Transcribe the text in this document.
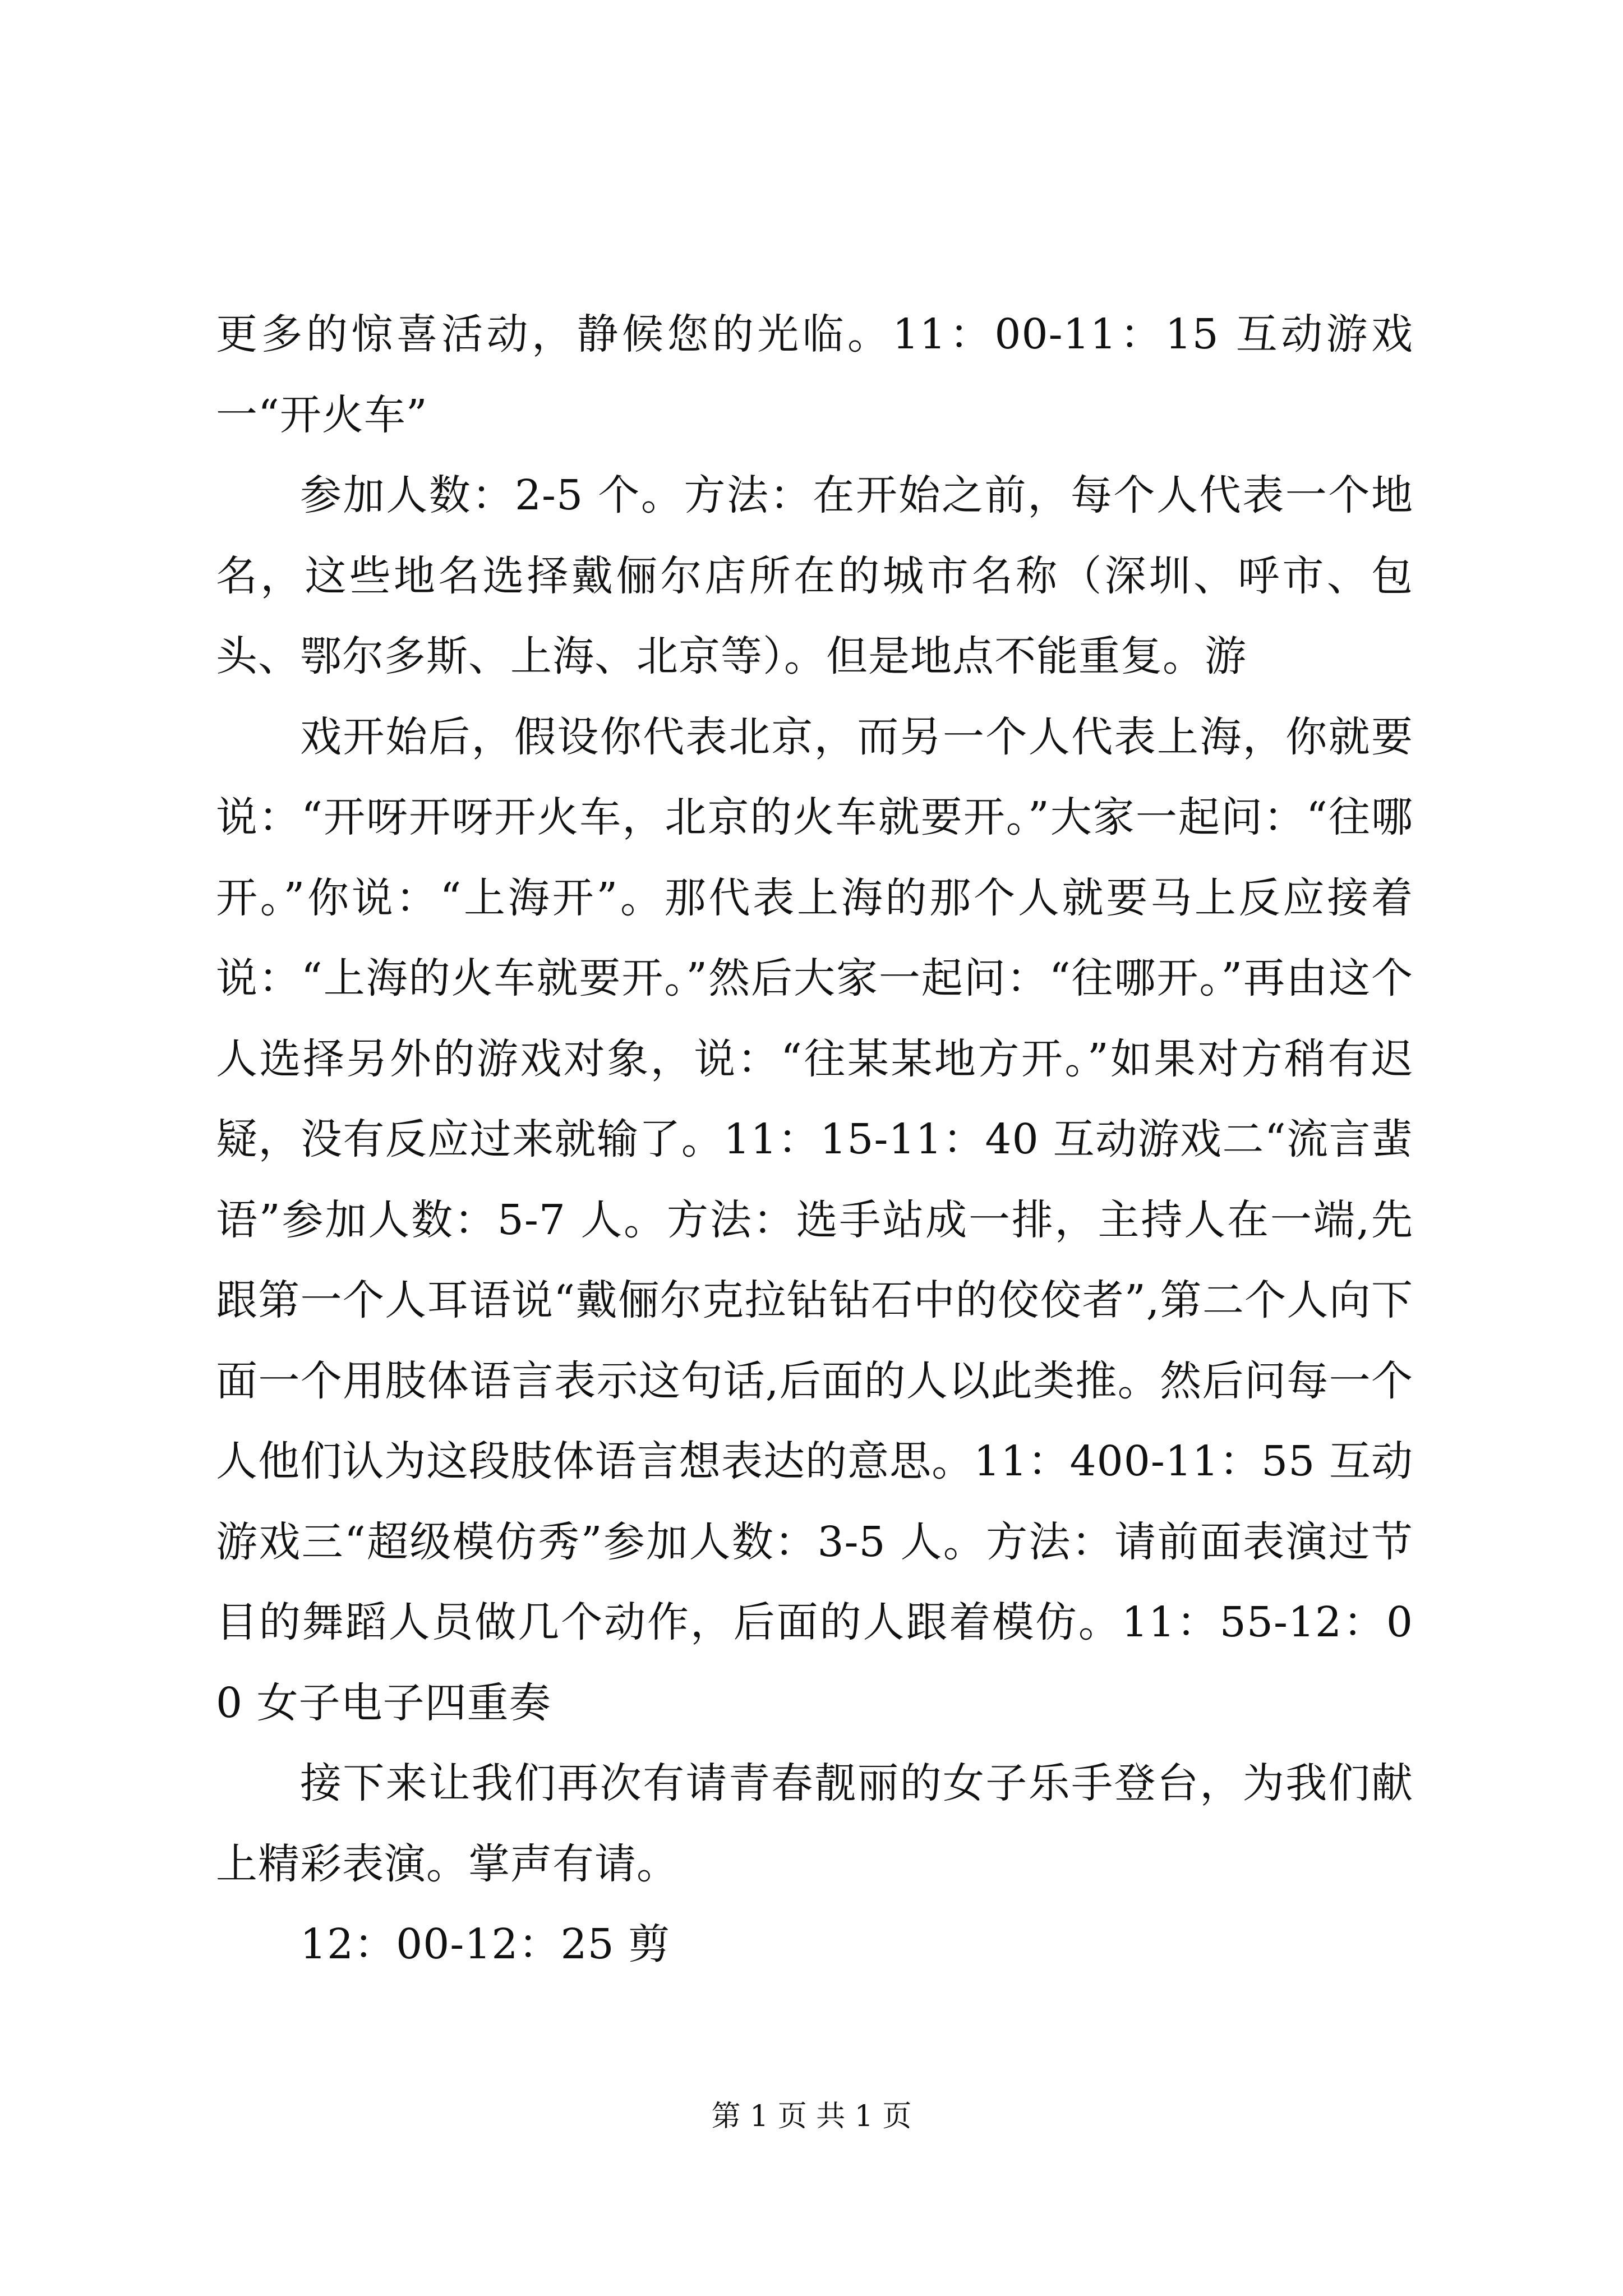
更多的惊喜活动，静候您的光临。11：00-11：15 互动游戏一“开火车”

参加人数：2-5 个。方法：在开始之前，每个人代表一个地名，这些地名选择戴俪尔店所在的城市名称（深圳、呼市、包头、鄂尔多斯、上海、北京等）。但是地点不能重复。游

戏开始后，假设你代表北京，而另一个人代表上海，你就要说：“开呀开呀开火车，北京的火车就要开。”大家一起问：“往哪开。”你说：“上海开”。那代表上海的那个人就要马上反应接着说：“上海的火车就要开。”然后大家一起问：“往哪开。”再由这个人选择另外的游戏对象，说：“往某某地方开。”如果对方稍有迟疑，没有反应过来就输了。11：15-11：40 互动游戏二“流言蜚语”参加人数：5-7 人。方法：选手站成一排，主持人在一端,先跟第一个人耳语说“戴俪尔克拉钻钻石中的佼佼者”,第二个人向下面一个用肢体语言表示这句话,后面的人以此类推。然后问每一个人他们认为这段肢体语言想表达的意思。11：400-11：55 互动游戏三“超级模仿秀”参加人数：3-5 人。方法：请前面表演过节目的舞蹈人员做几个动作，后面的人跟着模仿。11：55-12：00 女子电子四重奏

接下来让我们再次有请青春靓丽的女子乐手登台，为我们献上精彩表演。掌声有请。

12：00-12：25 剪

第 1 页 共 1 页
